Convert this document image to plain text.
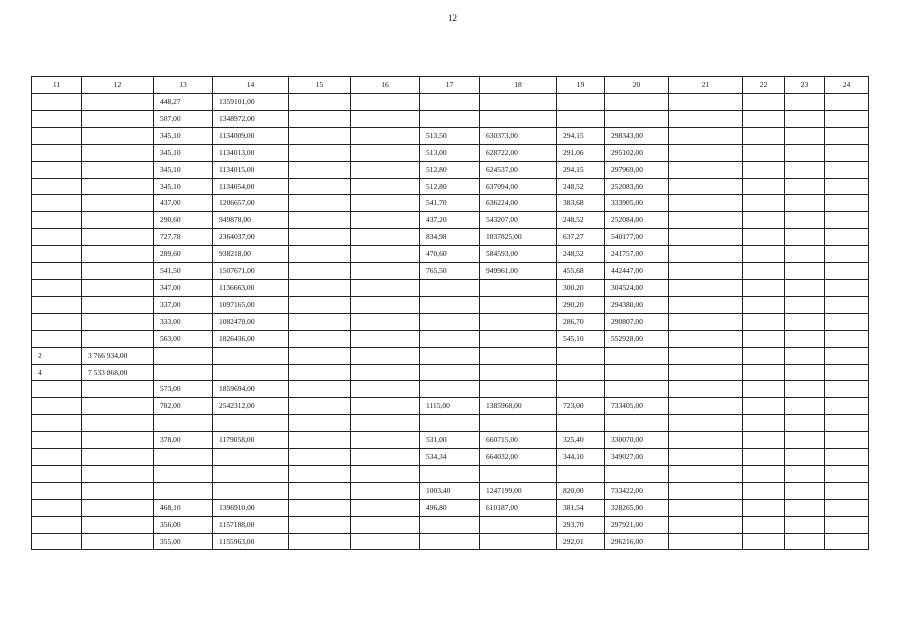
12
11	12	13	14	15	16	17	18	19	20	21	22	23	24
		448,27	1359101,00										
		507,00	1348972,00										
		345,10	1134009,00			513,50	630373,00	294,15	298343,00				
		345,10	1134013,00			513,00	628722,00	291,06	295102,00				
		345,10	1134015,00			512,80	624537,00	294,15	297969,00				
		345,10	1134054,00			512,80	637094,00	248,52	252083,00				
		437,00	1206657,00			541,70	636224,00	383,68	333905,00				
		290,60	949878,00			437,20	543207,00	248,52	252084,00				
		727,78	2364037,00			834,98	1037825,00	637,27	540177,00				
		289,60	938218,00			470,60	584593,00	248,52	241757,00				
		541,50	1507671,00			765,50	949961,00	455,68	442447,00				
		347,00	1136663,00					300,20	304524,00				
		337,00	1097165,00					290,20	294380,00				
		333,00	1082470,00					286,70	290807,00				
		563,00	1826436,00					545,10	552928,00				
2	3 766 934,00												
4	7 533 868,00												
		573,00	1859694,00										
		782,00	2542312,00			1115,00	1385968,00	723,00	733405,00				

		378,00	1179058,00			531,00	660715,00	325,40	330070,00				
						534,34	664032,00	344,10	349027,00				

						1003,40	1247199,00	820,00	733422,00				
		468,10	1396910,00			496,80	610187,00	381,54	328265,00				
		356,00	1157188,00					293,70	297921,00				
		355,00	1155963,00					292,01	296216,00				
